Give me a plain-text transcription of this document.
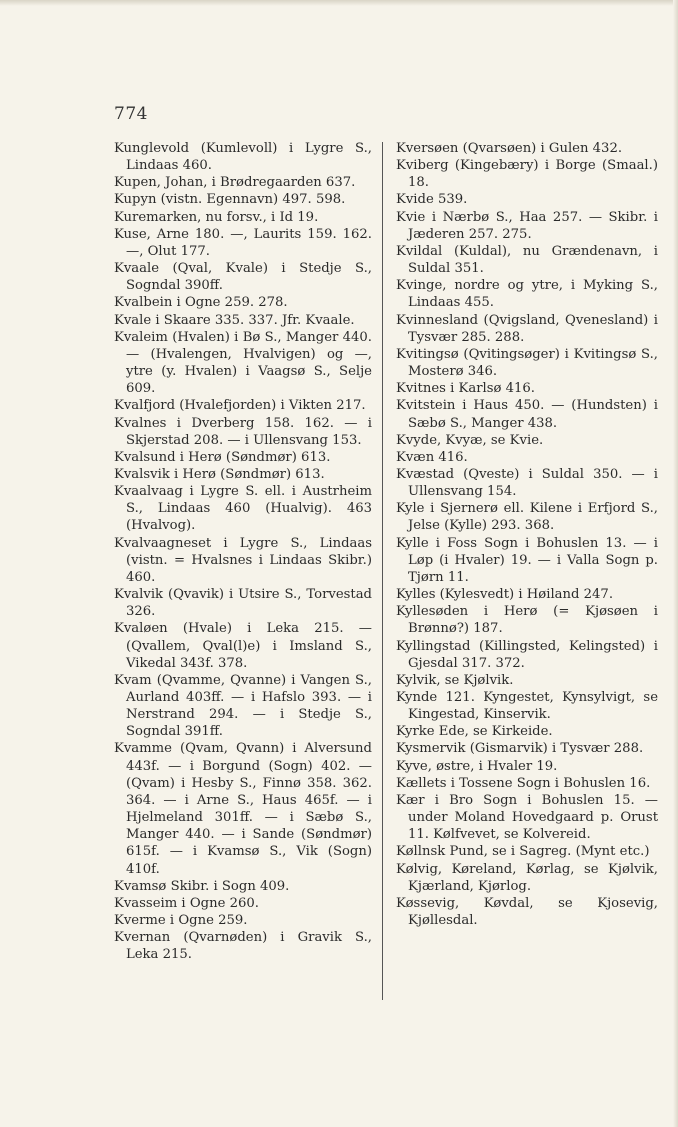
774

Kunglevold (Kumlevoll) i Lygre S., Lindaas 460.

Kupen, Johan, i Brødregaarden 637.

Kupyn (vistn. Egennavn) 497. 598.

Kuremarken, nu forsv., i Id 19.

Kuse, Arne 180. —, Laurits 159. 162. —, Olut 177.

Kvaale (Qval, Kvale) i Stedje S., Sogndal 390ff.

Kvalbein i Ogne 259. 278.

Kvale i Skaare 335. 337. Jfr. Kvaale.

Kvaleim (Hvalen) i Bø S., Manger 440. — (Hvalengen, Hvalvigen) og —, ytre (y. Hvalen) i Vaagsø S., Selje 609.

Kvalfjord (Hvalefjorden) i Vikten 217.

Kvalnes i Dverberg 158. 162. — i Skjerstad 208. — i Ullensvang 153.

Kvalsund i Herø (Søndmør) 613.

Kvalsvik i Herø (Søndmør) 613.

Kvaalvaag i Lygre S. ell. i Austrheim S., Lindaas 460 (Hualvig). 463 (Hvalvog).

Kvalvaagneset i Lygre S., Lindaas (vistn. = Hvalsnes i Lindaas Skibr.) 460.

Kvalvik (Qvavik) i Utsire S., Torvestad 326.

Kvaløen (Hvale) i Leka 215. — (Qvallem, Qval(l)e) i Imsland S., Vikedal 343f. 378.

Kvam (Qvamme, Qvanne) i Vangen S., Aurland 403ff. — i Hafslo 393. — i Nerstrand 294. — i Stedje S., Sogndal 391ff.

Kvamme (Qvam, Qvann) i Alversund 443f. — i Borgund (Sogn) 402. — (Qvam) i Hesby S., Finnø 358. 362. 364. — i Arne S., Haus 465f. — i Hjelmeland 301ff. — i Sæbø S., Manger 440. — i Sande (Søndmør) 615f. — i Kvamsø S., Vik (Sogn) 410f.

Kvamsø Skibr. i Sogn 409.

Kvasseim i Ogne 260.

Kverme i Ogne 259.

Kvernan (Qvarnøden) i Gravik S., Leka 215.

Kversøen (Qvarsøen) i Gulen 432.

Kviberg (Kingebæry) i Borge (Smaal.) 18.

Kvide 539.

Kvie i Nærbø S., Haa 257. — Skibr. i Jæderen 257. 275.

Kvildal (Kuldal), nu Grændenavn, i Suldal 351.

Kvinge, nordre og ytre, i Myking S., Lindaas 455.

Kvinnesland (Qvigsland, Qvenesland) i Tysvær 285. 288.

Kvitingsø (Qvitingsøger) i Kvitingsø S., Mosterø 346.

Kvitnes i Karlsø 416.

Kvitstein i Haus 450. — (Hundsten) i Sæbø S., Manger 438.

Kvyde, Kvyæ, se Kvie.

Kvæn 416.

Kvæstad (Qveste) i Suldal 350. — i Ullensvang 154.

Kyle i Sjernerø ell. Kilene i Erfjord S., Jelse (Kylle) 293. 368.

Kylle i Foss Sogn i Bohuslen 13. — i Løp (i Hvaler) 19. — i Valla Sogn p. Tjørn 11.

Kylles (Kylesvedt) i Høiland 247.

Kyllesøden i Herø (= Kjøsøen i Brønnø?) 187.

Kyllingstad (Killingsted, Kelingsted) i Gjesdal 317. 372.

Kylvik, se Kjølvik.

Kynde 121. Kyngestet, Kynsylvigt, se Kingestad, Kinservik.

Kyrke Ede, se Kirkeide.

Kysmervik (Gismarvik) i Tysvær 288.

Kyve, østre, i Hvaler 19.

Kællets i Tossene Sogn i Bohuslen 16.

Kær i Bro Sogn i Bohuslen 15. — under Moland Hovedgaard p. Orust 11. Kølfvevet, se Kolvereid.

Køllnsk Pund, se i Sagreg. (Mynt etc.)

Kølvig, Køreland, Kørlag, se Kjølvik, Kjærland, Kjørlog.

Køssevig, Køvdal, se Kjosevig, Kjøllesdal.
